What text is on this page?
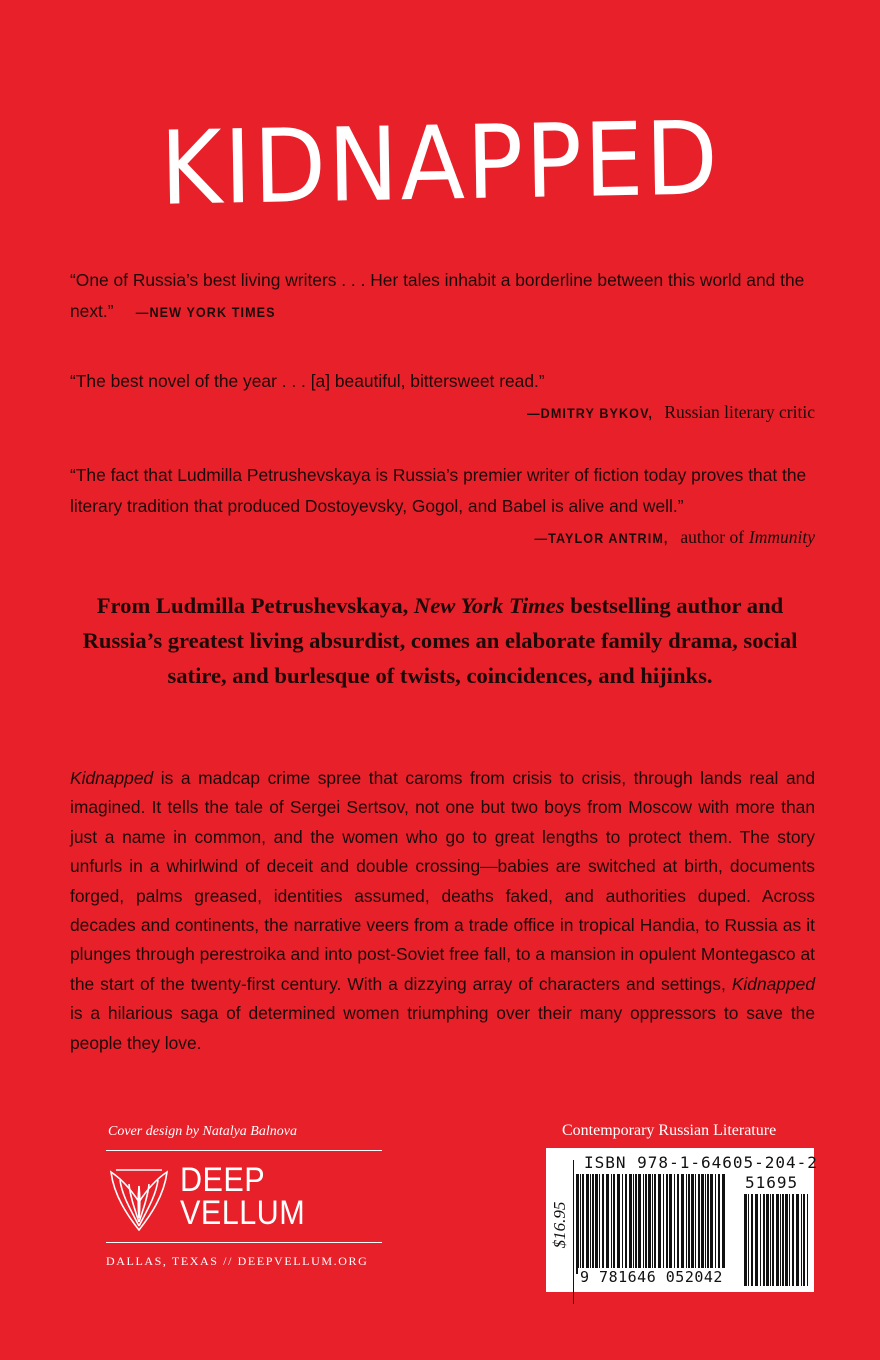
KIDNAPPED
“One of Russia’s best living writers . . . Her tales inhabit a borderline between this world and the next.” —NEW YORK TIMES
“The best novel of the year . . . [a] beautiful, bittersweet read.”
—DMITRY BYKOV, Russian literary critic
“The fact that Ludmilla Petrushevskaya is Russia’s premier writer of fiction today proves that the literary tradition that produced Dostoyevsky, Gogol, and Babel is alive and well.”
—TAYLOR ANTRIM, author of Immunity
From Ludmilla Petrushevskaya, New York Times bestselling author and Russia’s greatest living absurdist, comes an elaborate family drama, social satire, and burlesque of twists, coincidences, and hijinks.
Kidnapped is a madcap crime spree that caroms from crisis to crisis, through lands real and imagined. It tells the tale of Sergei Sertsov, not one but two boys from Moscow with more than just a name in common, and the women who go to great lengths to protect them. The story unfurls in a whirlwind of deceit and double crossing—babies are switched at birth, documents forged, palms greased, identities assumed, deaths faked, and authorities duped. Across decades and continents, the narrative veers from a trade office in tropical Handia, to Russia as it plunges through perestroika and into post-Soviet free fall, to a mansion in opulent Montegasco at the start of the twenty-first century. With a dizzying array of characters and settings, Kidnapped is a hilarious saga of determined women triumphing over their many oppressors to save the people they love.
Cover design by Natalya Balnova
DEEP
VELLUM
DALLAS, TEXAS // DEEPVELLUM.ORG
Contemporary Russian Literature
ISBN 978-1-64605-204-2
51695
9 781646 052042
$16.95
